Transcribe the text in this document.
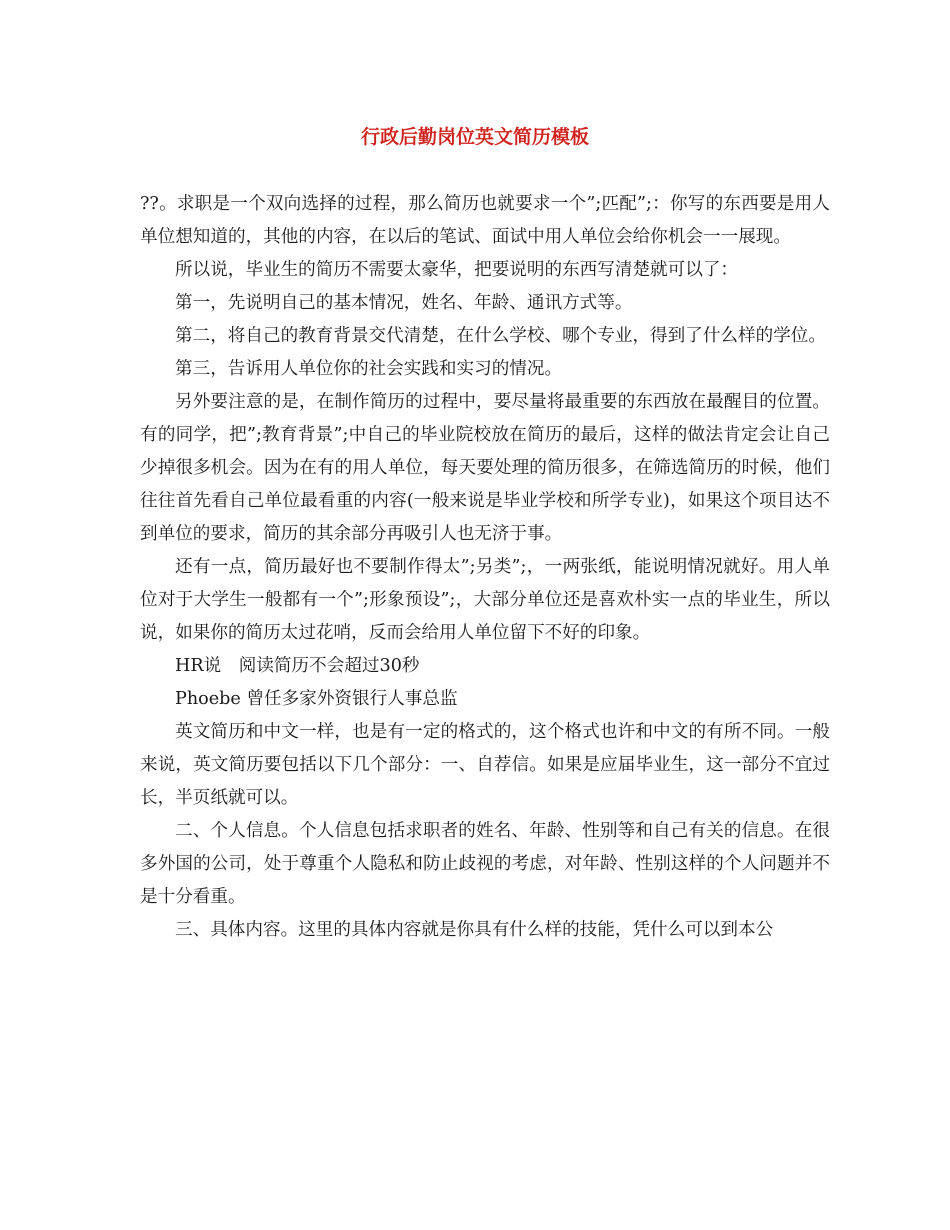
行政后勤岗位英文简历模板

??。求职是一个双向选择的过程，那么简历也就要求一个”;匹配”;：你写的东西要是用人单位想知道的，其他的内容，在以后的笔试、面试中用人单位会给你机会一一展现。

所以说，毕业生的简历不需要太豪华，把要说明的东西写清楚就可以了：

第一，先说明自己的基本情况，姓名、年龄、通讯方式等。

第二，将自己的教育背景交代清楚，在什么学校、哪个专业，得到了什么样的学位。

第三，告诉用人单位你的社会实践和实习的情况。

另外要注意的是，在制作简历的过程中，要尽量将最重要的东西放在最醒目的位置。有的同学，把”;教育背景”;中自己的毕业院校放在简历的最后，这样的做法肯定会让自己少掉很多机会。因为在有的用人单位，每天要处理的简历很多，在筛选简历的时候，他们往往首先看自己单位最看重的内容(一般来说是毕业学校和所学专业)，如果这个项目达不到单位的要求，简历的其余部分再吸引人也无济于事。

还有一点，简历最好也不要制作得太”;另类”;，一两张纸，能说明情况就好。用人单位对于大学生一般都有一个”;形象预设”;，大部分单位还是喜欢朴实一点的毕业生，所以说，如果你的简历太过花哨，反而会给用人单位留下不好的印象。

HR说　阅读简历不会超过30秒

Phoebe 曾任多家外资银行人事总监

英文简历和中文一样，也是有一定的格式的，这个格式也许和中文的有所不同。一般来说，英文简历要包括以下几个部分：一、自荐信。如果是应届毕业生，这一部分不宜过长，半页纸就可以。

二、个人信息。个人信息包括求职者的姓名、年龄、性别等和自己有关的信息。在很多外国的公司，处于尊重个人隐私和防止歧视的考虑，对年龄、性别这样的个人问题并不是十分看重。

三、具体内容。这里的具体内容就是你具有什么样的技能，凭什么可以到本公
